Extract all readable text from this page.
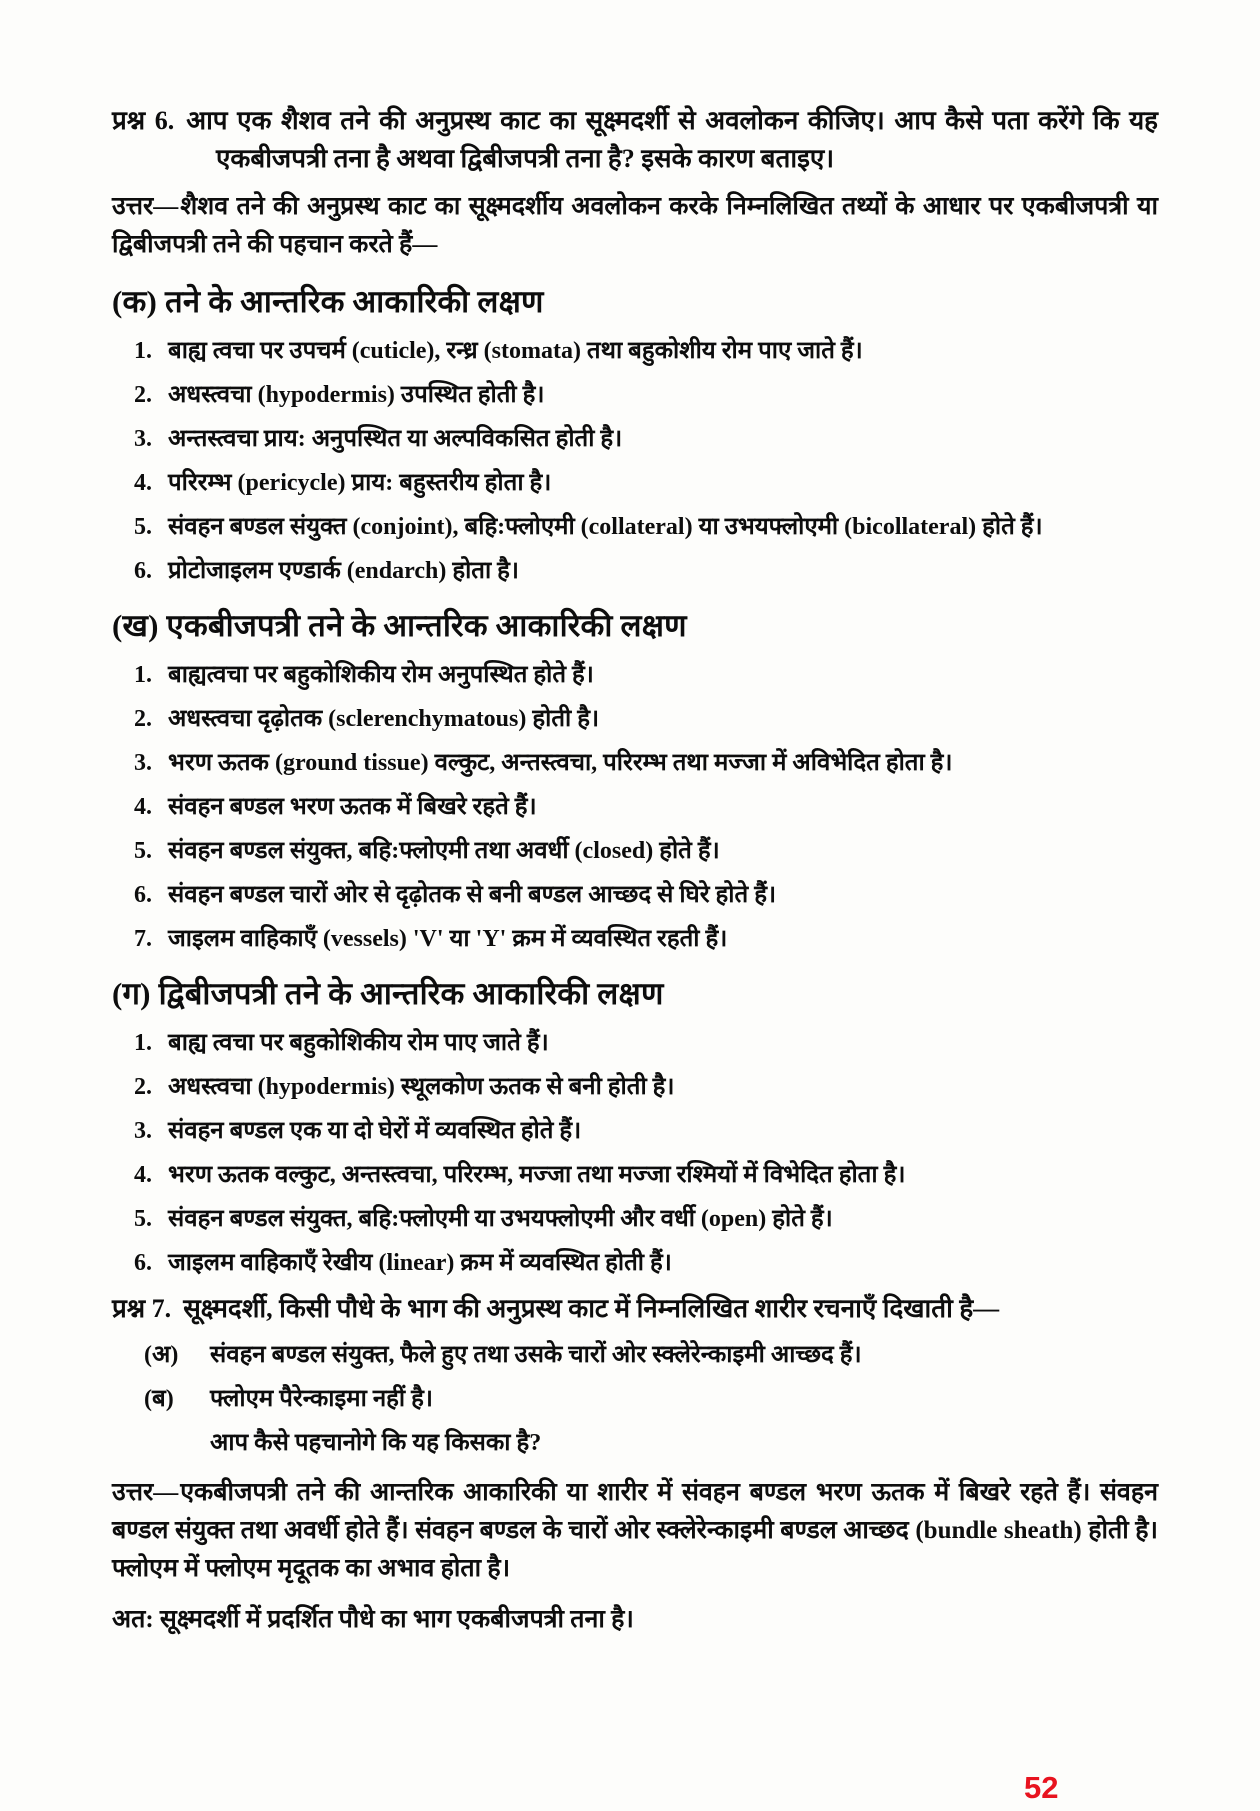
प्रश्न 6. आप एक शैशव तने की अनुप्रस्थ काट का सूक्ष्मदर्शी से अवलोकन कीजिए। आप कैसे पता करेंगे कि यह एकबीजपत्री तना है अथवा द्विबीजपत्री तना है? इसके कारण बताइए।

उत्तर—शैशव तने की अनुप्रस्थ काट का सूक्ष्मदर्शीय अवलोकन करके निम्नलिखित तथ्यों के आधार पर एकबीजपत्री या द्विबीजपत्री तने की पहचान करते हैं—

(क) तने के आन्तरिक आकारिकी लक्षण
1. बाह्य त्वचा पर उपचर्म (cuticle), रन्ध्र (stomata) तथा बहुकोशीय रोम पाए जाते हैं।
2. अधस्त्वचा (hypodermis) उपस्थित होती है।
3. अन्तस्त्वचा प्राय: अनुपस्थित या अल्पविकसित होती है।
4. परिरम्भ (pericycle) प्राय: बहुस्तरीय होता है।
5. संवहन बण्डल संयुक्त (conjoint), बहि:फ्लोएमी (collateral) या उभयफ्लोएमी (bicollateral) होते हैं।
6. प्रोटोजाइलम एण्डार्क (endarch) होता है।
(ख) एकबीजपत्री तने के आन्तरिक आकारिकी लक्षण
1. बाह्यत्वचा पर बहुकोशिकीय रोम अनुपस्थित होते हैं।
2. अधस्त्वचा दृढ़ोतक (sclerenchymatous) होती है।
3. भरण ऊतक (ground tissue) वल्कुट, अन्तस्त्वचा, परिरम्भ तथा मज्जा में अविभेदित होता है।
4. संवहन बण्डल भरण ऊतक में बिखरे रहते हैं।
5. संवहन बण्डल संयुक्त, बहि:फ्लोएमी तथा अवर्धी (closed) होते हैं।
6. संवहन बण्डल चारों ओर से दृढ़ोतक से बनी बण्डल आच्छद से घिरे होते हैं।
7. जाइलम वाहिकाएँ (vessels) 'V' या 'Y' क्रम में व्यवस्थित रहती हैं।
(ग) द्विबीजपत्री तने के आन्तरिक आकारिकी लक्षण
1. बाह्य त्वचा पर बहुकोशिकीय रोम पाए जाते हैं।
2. अधस्त्वचा (hypodermis) स्थूलकोण ऊतक से बनी होती है।
3. संवहन बण्डल एक या दो घेरों में व्यवस्थित होते हैं।
4. भरण ऊतक वल्कुट, अन्तस्त्वचा, परिरम्भ, मज्जा तथा मज्जा रश्मियों में विभेदित होता है।
5. संवहन बण्डल संयुक्त, बहि:फ्लोएमी या उभयफ्लोएमी और वर्धी (open) होते हैं।
6. जाइलम वाहिकाएँ रेखीय (linear) क्रम में व्यवस्थित होती हैं।

प्रश्न 7. सूक्ष्मदर्शी, किसी पौधे के भाग की अनुप्रस्थ काट में निम्नलिखित शारीर रचनाएँ दिखाती है—

(अ)	संवहन बण्डल संयुक्त, फैले हुए तथा उसके चारों ओर स्क्लेरेन्काइमी आच्छद हैं।
(ब)	फ्लोएम पैरेन्काइमा नहीं है।
आप कैसे पहचानोगे कि यह किसका है?

उत्तर—एकबीजपत्री तने की आन्तरिक आकारिकी या शारीर में संवहन बण्डल भरण ऊतक में बिखरे रहते हैं। संवहन बण्डल संयुक्त तथा अवर्धी होते हैं। संवहन बण्डल के चारों ओर स्क्लेरेन्काइमी बण्डल आच्छद (bundle sheath) होती है। फ्लोएम में फ्लोएम मृदूतक का अभाव होता है।

अत: सूक्ष्मदर्शी में प्रदर्शित पौधे का भाग एकबीजपत्री तना है।
52
